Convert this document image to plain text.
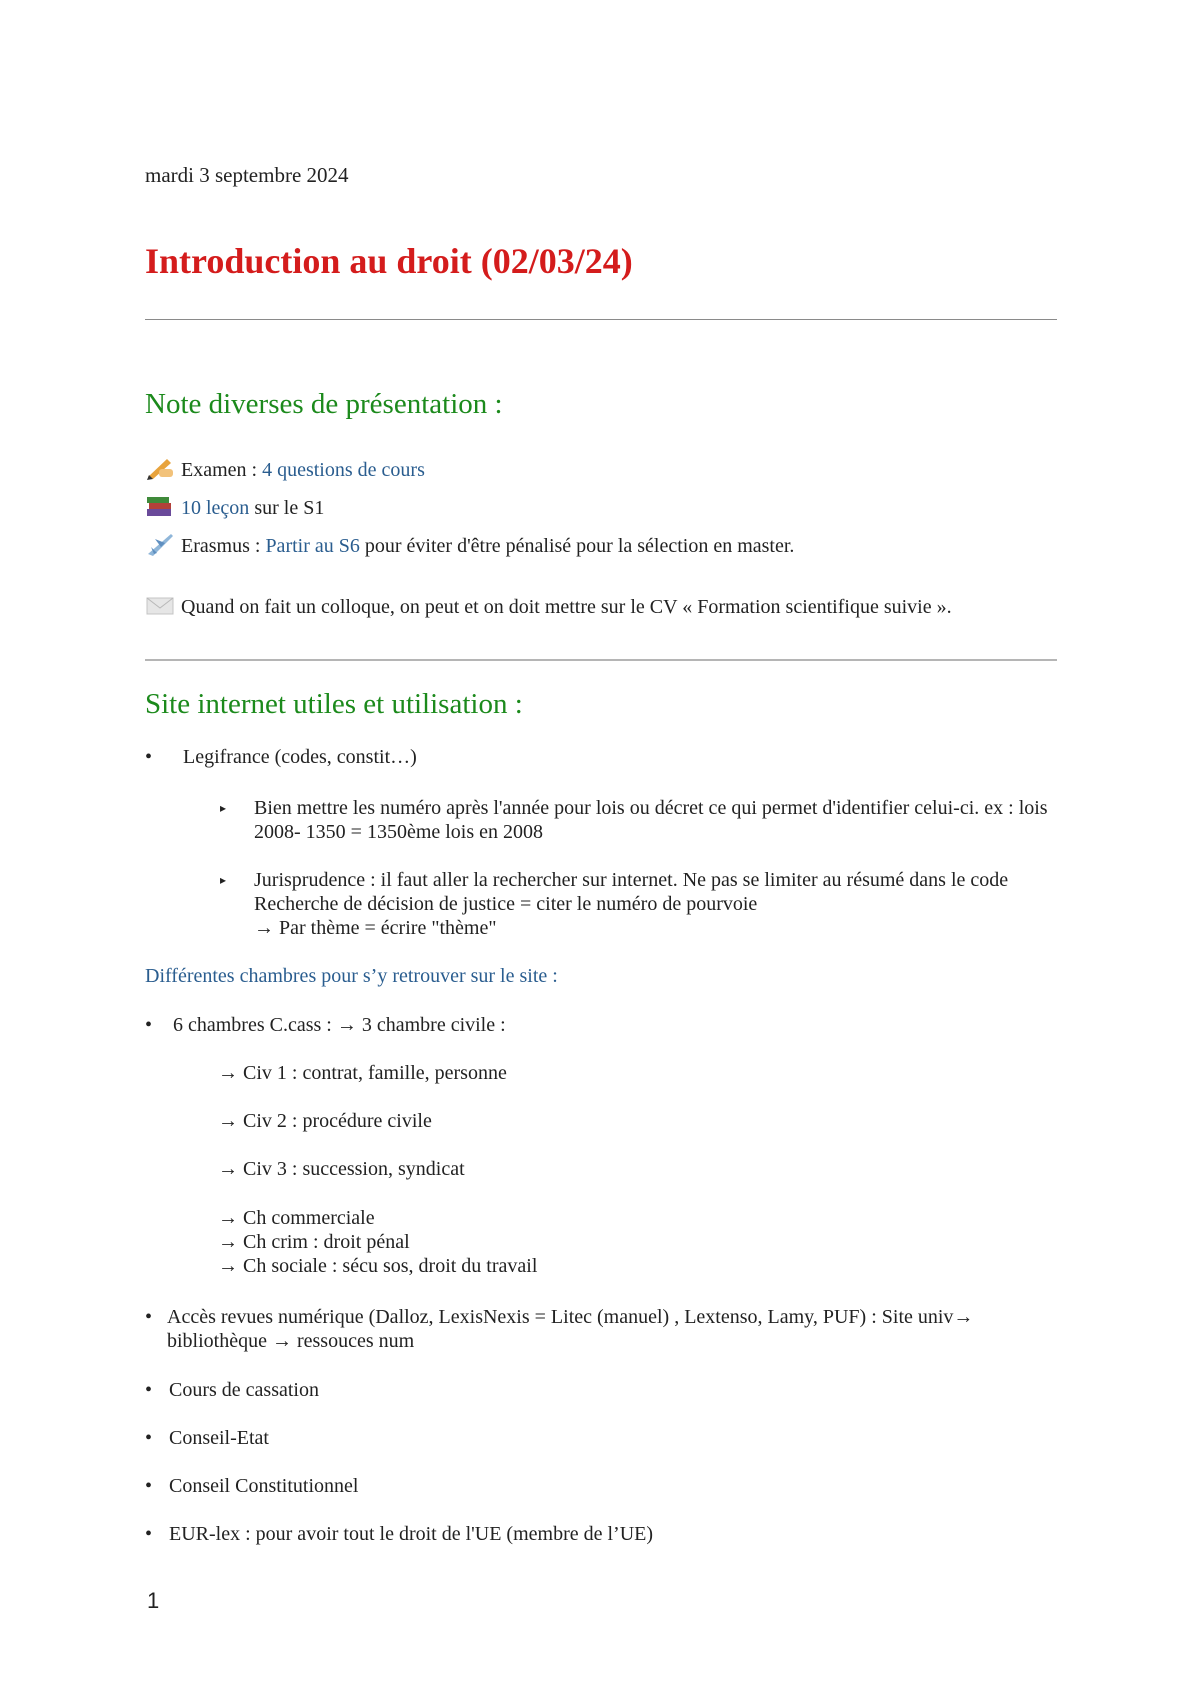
mardi 3 septembre 2024
Introduction au droit (02/03/24)
Note diverses de présentation :
Examen : 4 questions de cours
10 leçon sur le S1
Erasmus : Partir au S6 pour éviter d'être pénalisé pour la sélection en master.
Quand on fait un colloque, on peut et on doit mettre sur le CV « Formation scientifique suivie ».
Site internet utiles et utilisation :
• Legifrance (codes, constit…)
▸ Bien mettre les numéro après l'année pour lois ou décret ce qui permet d'identifier celui-ci. ex : lois 2008- 1350 = 1350ème lois en 2008
▸ Jurisprudence : il faut aller la rechercher sur internet. Ne pas se limiter au résumé dans le code Recherche de décision de justice = citer le numéro de pourvoie
→ Par thème = écrire "thème"
Différentes chambres pour s’y retrouver sur le site :
• 6 chambres C.cass : → 3 chambre civile :
→ Civ 1 : contrat, famille, personne
→ Civ 2 : procédure civile
→ Civ 3 : succession, syndicat
→ Ch commerciale
→ Ch crim : droit pénal
→ Ch sociale : sécu sos, droit du travail
• Accès revues numérique (Dalloz, LexisNexis = Litec (manuel) , Lextenso, Lamy, PUF) : Site univ→ bibliothèque → ressouces num
• Cours de cassation
• Conseil-Etat
• Conseil Constitutionnel
• EUR-lex : pour avoir tout le droit de l'UE (membre de l’UE)
1
